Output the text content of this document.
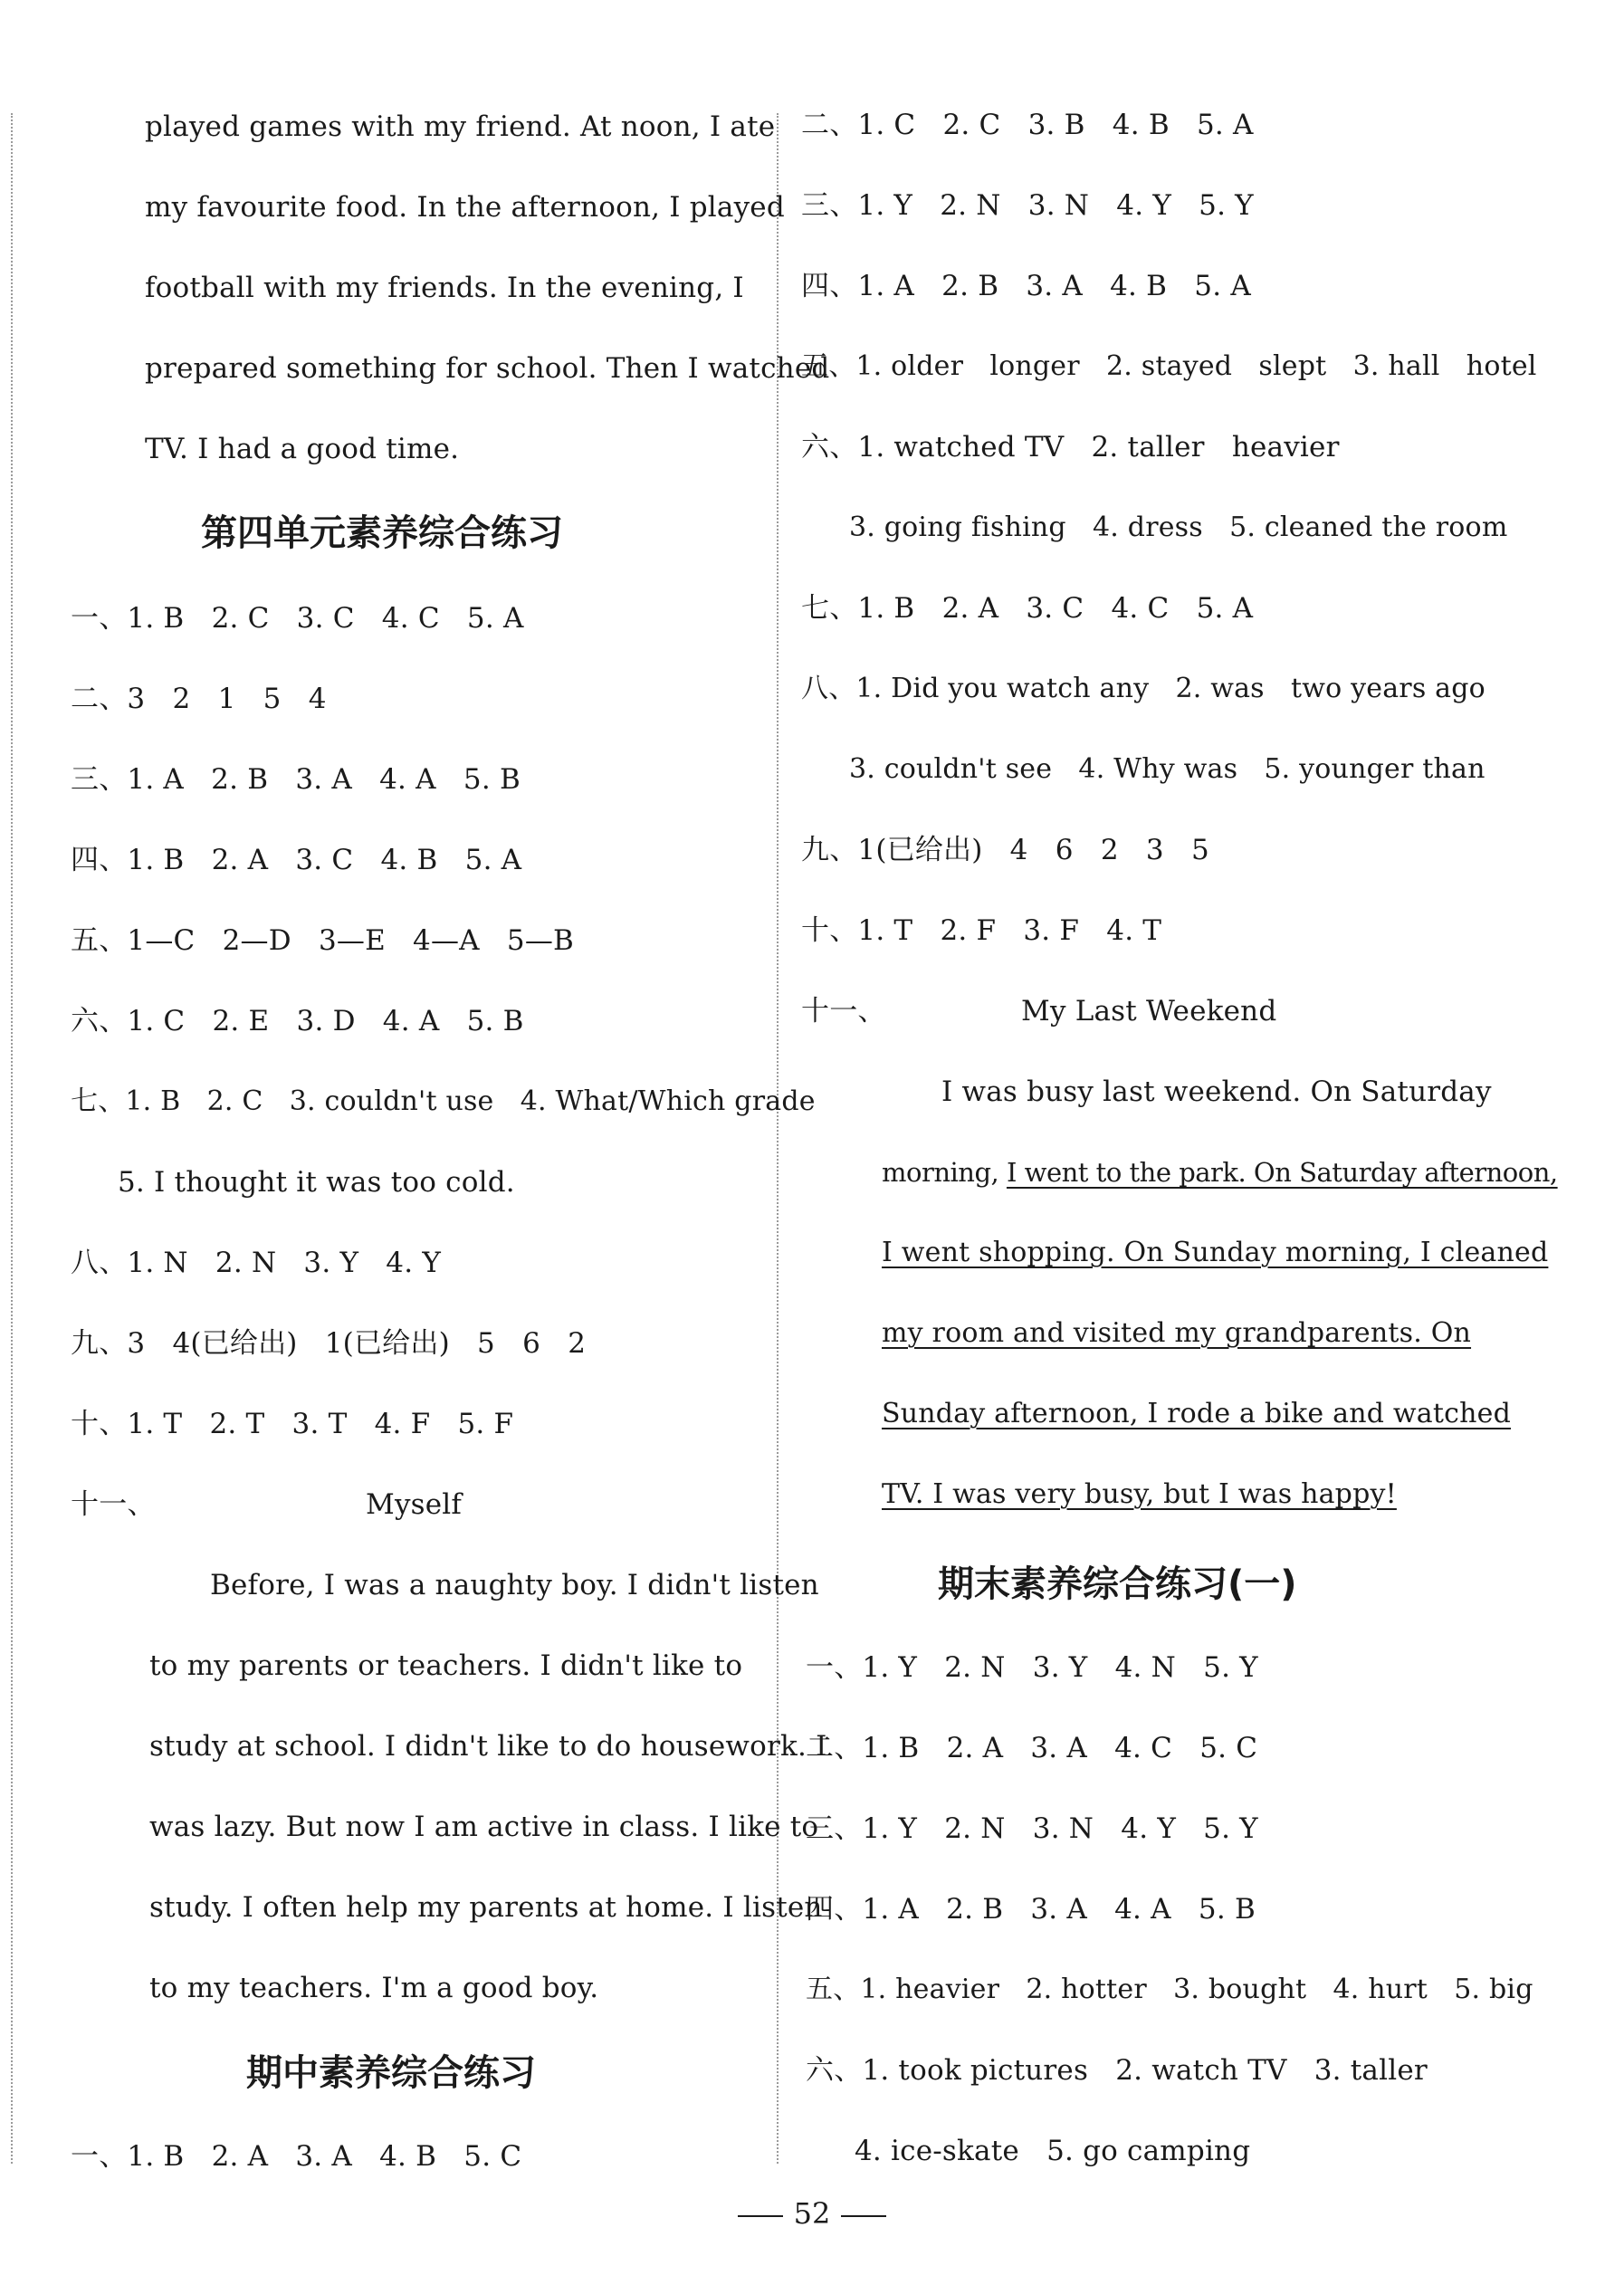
played games with my friend. At noon, I ate
my favourite food. In the afternoon, I played
football with my friends. In the evening, I
prepared something for school. Then I watched
TV. I had a good time.
第四单元素养综合练习
一、1. B   2. C   3. C   4. C   5. A
二、3   2   1   5   4
三、1. A   2. B   3. A   4. A   5. B
四、1. B   2. A   3. C   4. B   5. A
五、1—C   2—D   3—E   4—A   5—B
六、1. C   2. E   3. D   4. A   5. B
七、1. B   2. C   3. couldn't use   4. What/Which grade
5. I thought it was too cold.
八、1. N   2. N   3. Y   4. Y
九、3   4(已给出)   1(已给出)   5   6   2
十、1. T   2. T   3. T   4. F   5. F
十一、	Myself
Before, I was a naughty boy. I didn't listen
to my parents or teachers. I didn't like to
study at school. I didn't like to do housework. I
was lazy. But now I am active in class. I like to
study. I often help my parents at home. I listen
to my teachers. I'm a good boy.
期中素养综合练习
一、1. B   2. A   3. A   4. B   5. C
二、1. C   2. C   3. B   4. B   5. A
三、1. Y   2. N   3. N   4. Y   5. Y
四、1. A   2. B   3. A   4. B   5. A
五、1. older   longer   2. stayed   slept   3. hall   hotel
六、1. watched TV   2. taller   heavier
3. going fishing   4. dress   5. cleaned the room
七、1. B   2. A   3. C   4. C   5. A
八、1. Did you watch any   2. was   two years ago
3. couldn't see   4. Why was   5. younger than
九、1(已给出)   4   6   2   3   5
十、1. T   2. F   3. F   4. T
十一、	My Last Weekend
I was busy last weekend. On Saturday
morning, I went to the park. On Saturday afternoon,
I went shopping. On Sunday morning, I cleaned
my room and visited my grandparents. On
Sunday afternoon, I rode a bike and watched
TV. I was very busy, but I was happy!
期末素养综合练习(一)
一、1. Y   2. N   3. Y   4. N   5. Y
二、1. B   2. A   3. A   4. C   5. C
三、1. Y   2. N   3. N   4. Y   5. Y
四、1. A   2. B   3. A   4. A   5. B
五、1. heavier   2. hotter   3. bought   4. hurt   5. big
六、1. took pictures   2. watch TV   3. taller
4. ice-skate   5. go camping
52
